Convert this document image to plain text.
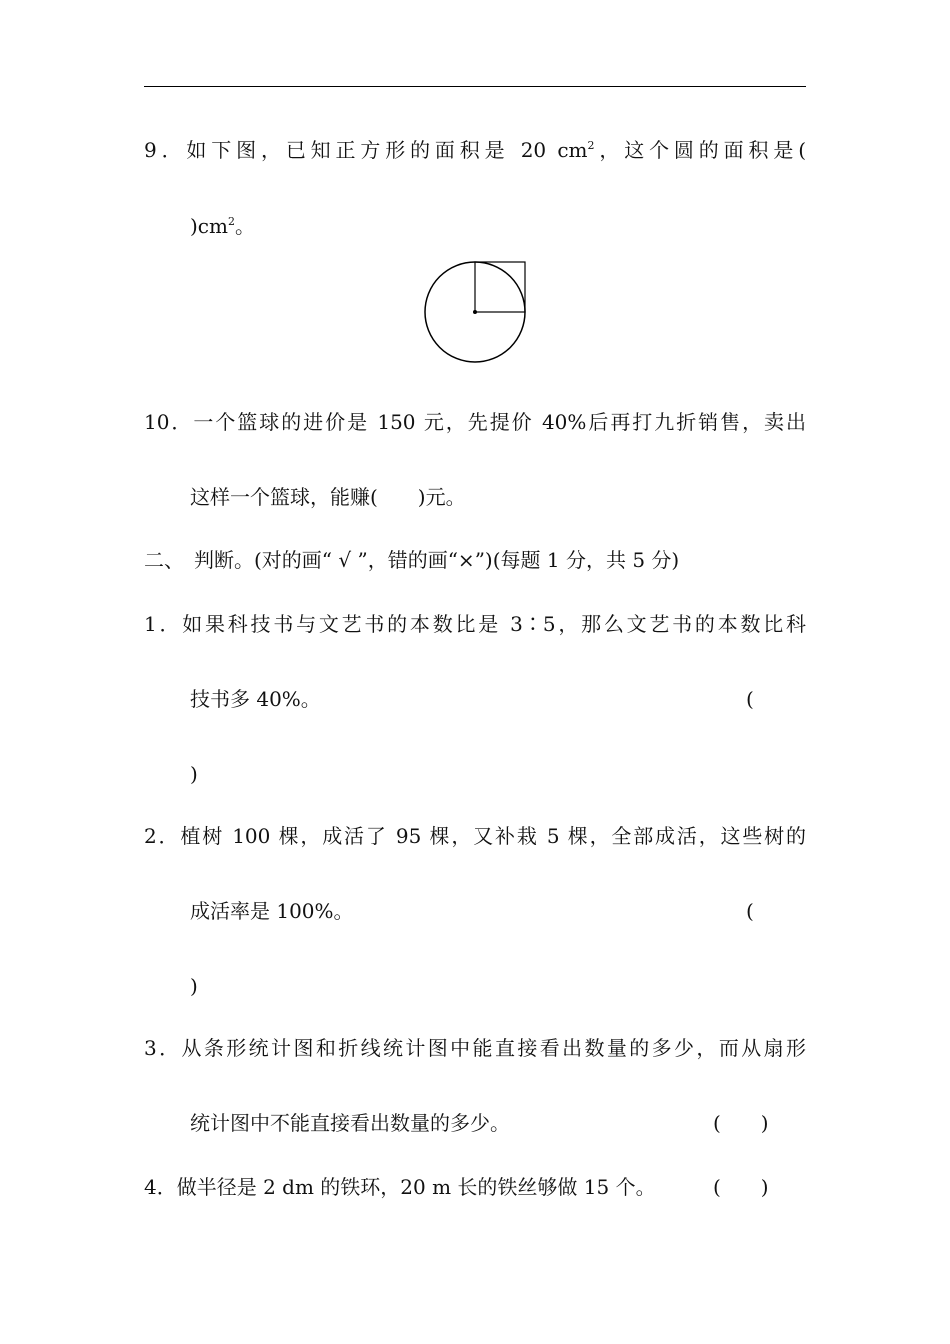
9．如下图，已知正方形的面积是 20 $cm^2$，这个圆的面积是(
)$cm^2$。
10．一个篮球的进价是 150 元，先提价 40%后再打九折销售，卖出
这样一个篮球，能赚(　　)元。
二、　判断。(对的画“ √ ”，错的画“×”)(每题 1 分，共 5 分)
1．如果科技书与文艺书的本数比是 3∶5，那么文艺书的本数比科
技书多 40%。	(
)
2．植树 100 棵，成活了 95 棵，又补栽 5 棵，全部成活，这些树的
成活率是 100%。	(
)
3．从条形统计图和折线统计图中能直接看出数量的多少，而从扇形
统计图中不能直接看出数量的多少。	(　　)
4．做半径是 2 dm 的铁环，20 m 长的铁丝够做 15 个。	(　　)
